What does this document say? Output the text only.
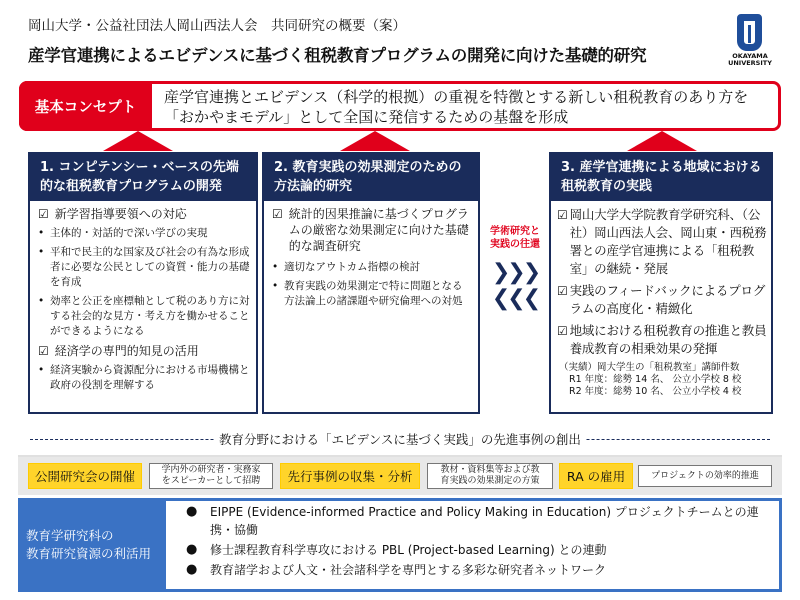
岡山大学・公益社団法人岡山西法人会　共同研究の概要（案）
産学官連携によるエビデンスに基づく租税教育プログラムの開発に向けた基礎的研究	OKAYAMA UNIVERSITY
基本コンセプト
産学官連携とエビデンス（科学的根拠）の重視を特徴とする新しい租税教育のあり方を
「おかやまモデル」として全国に発信するための基盤を形成
1. コンピテンシー・ベースの先端的な租税教育プログラムの開発
☑ 新学習指導要領への対応
• 主体的・対話的で深い学びの実現
• 平和で民主的な国家及び社会の有為な形成者に必要な公民としての資質・能力の基礎を育成
• 効率と公正を座標軸として税のあり方に対する社会的な見方・考え方を働かせることができるようになる
☑ 経済学の専門的知見の活用
• 経済実験から資源配分における市場機構と政府の役割を理解する
2. 教育実践の効果測定のための方法論的研究
☑ 統計的因果推論に基づくプログラムの厳密な効果測定に向けた基礎的な調査研究
• 適切なアウトカム指標の検討
• 教育実践の効果測定で特に問題となる方法論上の諸課題や研究倫理への対処
学術研究と
実践の往還
❯❯❯
❮❮❮
3. 産学官連携による地域における租税教育の実践
☑ 岡山大学大学院教育学研究科、（公社）岡山西法人会、岡山東・西税務署との産学官連携による「租税教室」の継続・発展
☑ 実践のフィードバックによるプログラムの高度化・精緻化
☑ 地域における租税教育の推進と教員養成教育の相乗効果の発揮
（実績）岡大学生の「租税教室」講師件数
R1 年度：総勢 14 名、 公立小学校 8 校
R2 年度：総勢 10 名、 公立小学校 4 校
教育分野における「エビデンスに基づく実践」の先進事例の創出
公開研究会の開催	学内外の研究者・実務家
をスピーカーとして招聘	先行事例の収集・分析	教材・資料集等および教
育実践の効果測定の方策	RA の雇用	プロジェクトの効率的推進
教育学研究科の
教育研究資源の利活用
●	EIPPE (Evidence-informed Practice and Policy Making in Education) プロジェクトチームとの連携・協働
●	修士課程教育科学専攻における PBL (Project-based Learning) との連動
●	教育諸学および人文・社会諸科学を専門とする多彩な研究者ネットワーク
